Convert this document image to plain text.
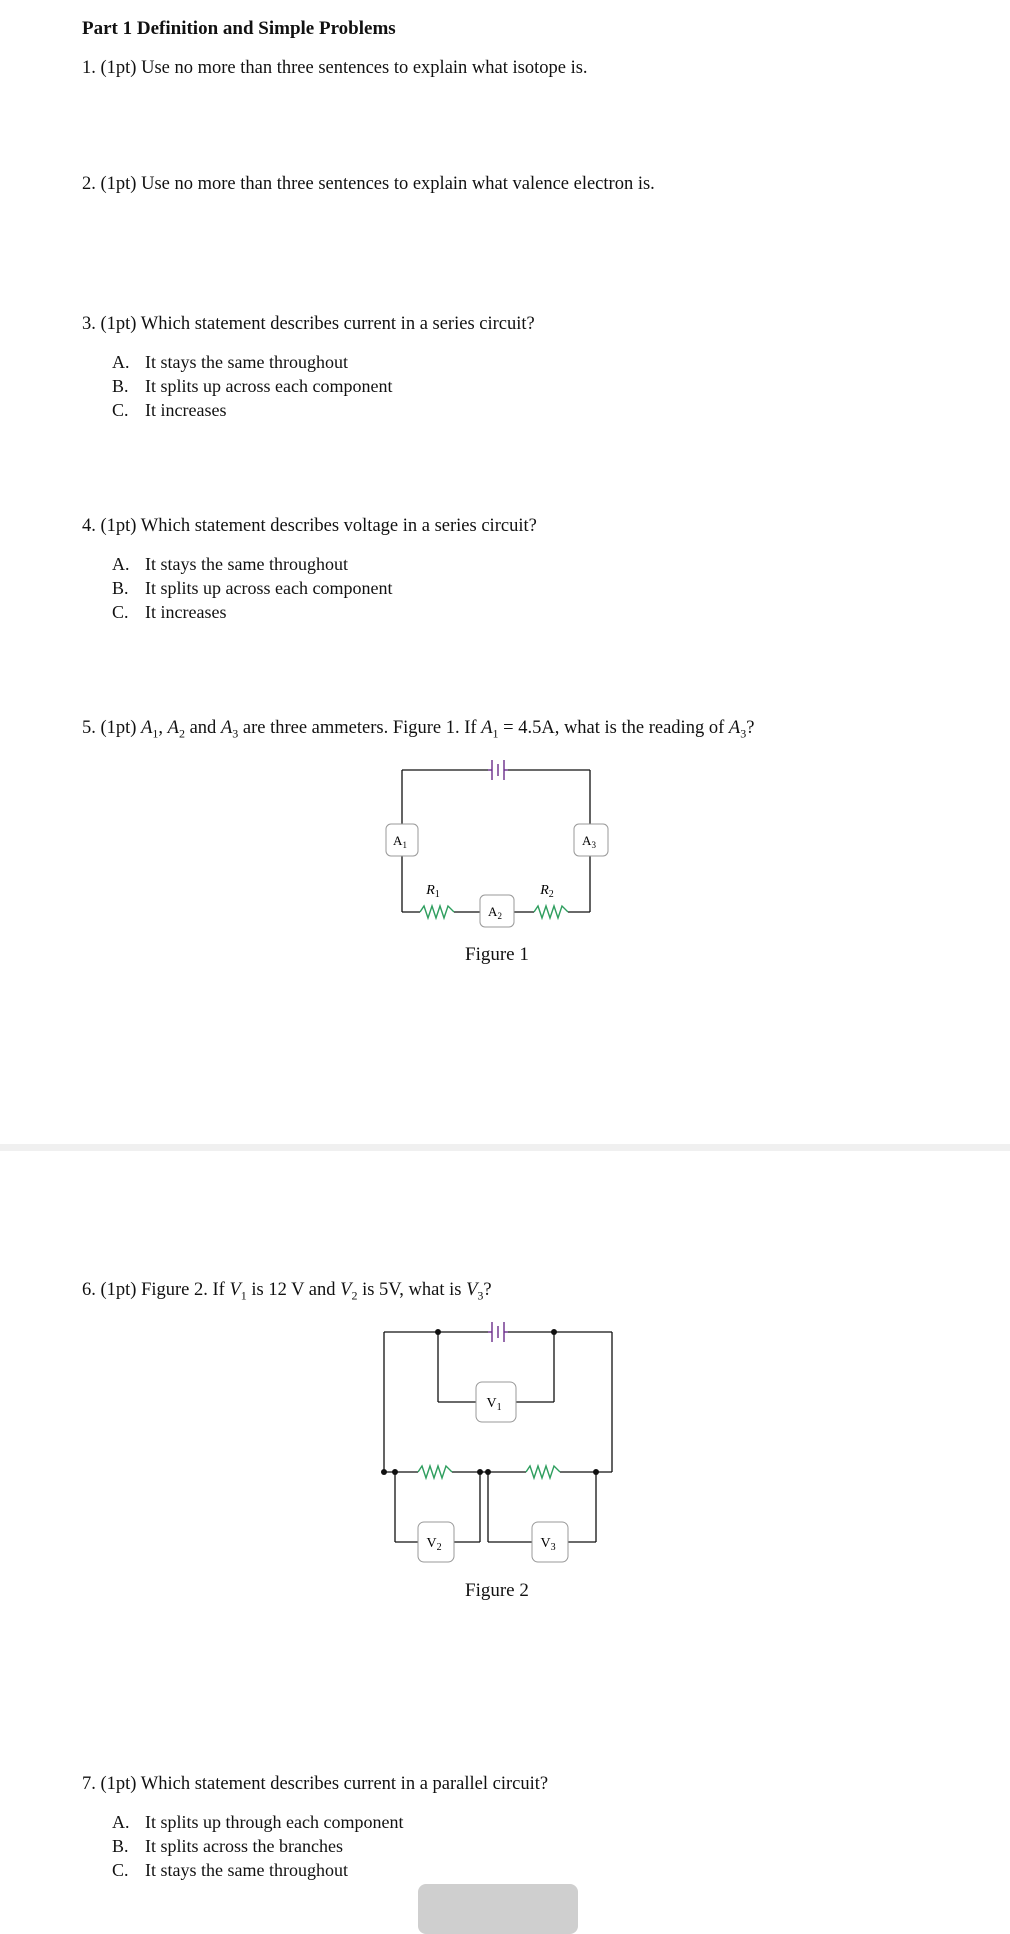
Part 1 Definition and Simple Problems
1. (1pt) Use no more than three sentences to explain what isotope is.
2. (1pt) Use no more than three sentences to explain what valence electron is.
3. (1pt) Which statement describes current in a series circuit?
A. It stays the same throughout
B. It splits up across each component
C. It increases
4. (1pt) Which statement describes voltage in a series circuit?
A. It stays the same throughout
B. It splits up across each component
C. It increases
5. (1pt) $A_1$, $A_2$ and $A_3$ are three ammeters. Figure 1. If $A_1 = 4.5A$, what is the reading of $A_3$?
$R_1$	$R_2$
$A_1$
$A_2$
$A_3$
Figure 1
6. (1pt) Figure 2. If $V_1$ is 12 V and $V_2$ is 5V, what is $V_3$?
$V_1$
$V_2$	$V_3$
Figure 2
7. (1pt) Which statement describes current in a parallel circuit?
A. It splits up through each component
B. It splits across the branches
C. It stays the same throughout
